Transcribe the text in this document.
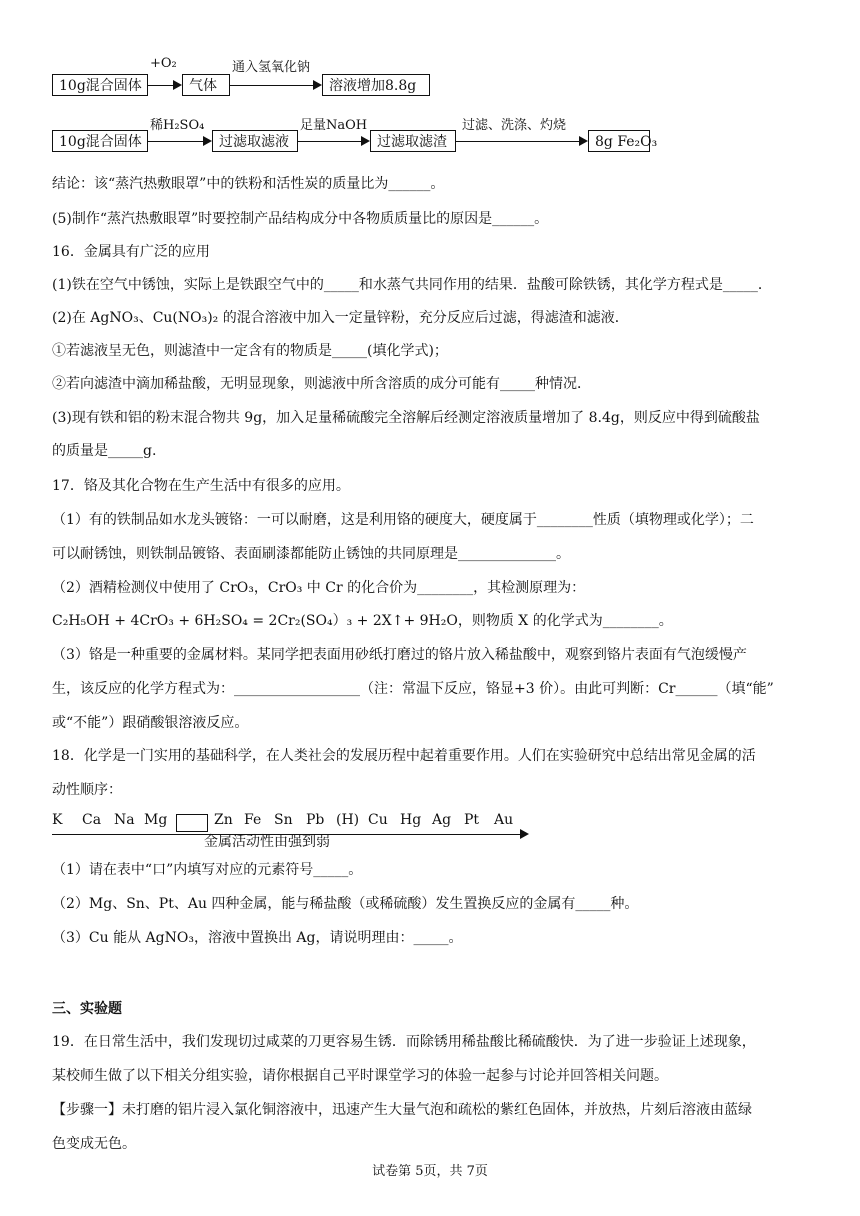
10g混合固体
+O₂
气体
通入氢氧化钠
溶液增加8.8g
10g混合固体
稀H₂SO₄
过滤取滤液
足量NaOH
过滤取滤渣
过滤、洗涤、灼烧
8g Fe₂O₃
结论：该“蒸汽热敷眼罩”中的铁粉和活性炭的质量比为______。
(5)制作“蒸汽热敷眼罩”时要控制产品结构成分中各物质质量比的原因是______。
16．金属具有广泛的应用
(1)铁在空气中锈蚀，实际上是铁跟空气中的_____和水蒸气共同作用的结果．盐酸可除铁锈，其化学方程式是_____．
(2)在 AgNO₃、Cu(NO₃)₂ 的混合溶液中加入一定量锌粉，充分反应后过滤，得滤渣和滤液．
①若滤液呈无色，则滤渣中一定含有的物质是_____(填化学式)；
②若向滤渣中滴加稀盐酸，无明显现象，则滤液中所含溶质的成分可能有_____种情况．
(3)现有铁和铝的粉末混合物共 9g，加入足量稀硫酸完全溶解后经测定溶液质量增加了 8.4g，则反应中得到硫酸盐
的质量是_____g.
17．铬及其化合物在生产生活中有很多的应用。
（1）有的铁制品如水龙头镀铬：一可以耐磨，这是利用铬的硬度大，硬度属于________性质（填物理或化学）；二
可以耐锈蚀，则铁制品镀铬、表面刷漆都能防止锈蚀的共同原理是______________。
（2）酒精检测仪中使用了 CrO₃，CrO₃ 中 Cr 的化合价为________，其检测原理为：
C₂H₅OH + 4CrO₃ + 6H₂SO₄ = 2Cr₂(SO₄）₃ + 2X↑+ 9H₂O，则物质 X 的化学式为________。
（3）铬是一种重要的金属材料。某同学把表面用砂纸打磨过的铬片放入稀盐酸中，观察到铬片表面有气泡缓慢产
生，该反应的化学方程式为：__________________（注：常温下反应，铬显+3 价）。由此可判断：Cr______（填“能”
或“不能”）跟硝酸银溶液反应。
18．化学是一门实用的基础科学，在人类社会的发展历程中起着重要作用。人们在实验研究中总结出常见金属的活
动性顺序：
K Ca Na Mg	Zn Fe Sn Pb (H) Cu Hg Ag Pt Au
金属活动性由强到弱
（1）请在表中“口”内填写对应的元素符号_____。
（2）Mg、Sn、Pt、Au 四种金属，能与稀盐酸（或稀硫酸）发生置换反应的金属有_____种。
（3）Cu 能从 AgNO₃，溶液中置换出 Ag，请说明理由：_____。
三、实验题
19．在日常生活中，我们发现切过咸菜的刀更容易生锈．而除锈用稀盐酸比稀硫酸快．为了进一步验证上述现象，
某校师生做了以下相关分组实验，请你根据自己平时课堂学习的体验一起参与讨论并回答相关问题。
【步骤一】未打磨的铝片浸入氯化铜溶液中，迅速产生大量气泡和疏松的紫红色固体，并放热，片刻后溶液由蓝绿
色变成无色。
试卷第 5页，共 7页
